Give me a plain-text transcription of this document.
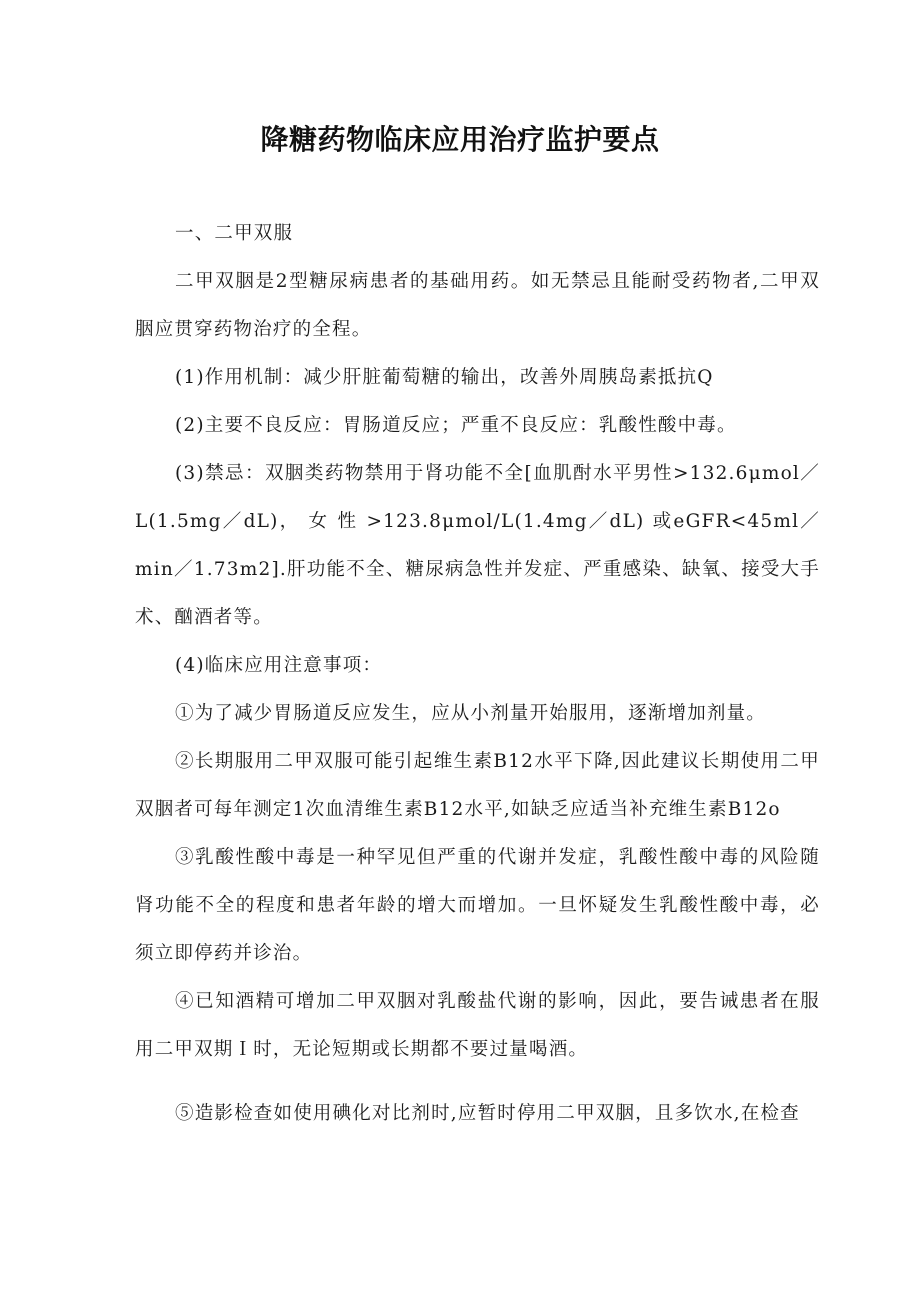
降糖药物临床应用治疗监护要点

一、二甲双服

二甲双胭是2型糖尿病患者的基础用药。如无禁忌且能耐受药物者,二甲双胭应贯穿药物治疗的全程。

(1)作用机制：减少肝脏葡萄糖的输出，改善外周胰岛素抵抗Q

(2)主要不良反应：胃肠道反应；严重不良反应：乳酸性酸中毒。

(3)禁忌：双胭类药物禁用于肾功能不全[血肌酎水平男性>132.6μmol／L(1.5mg／dL)， 女 性 >123.8μmol/L(1.4mg／dL) 或eGFR<45ml／min／1.73m2].肝功能不全、糖尿病急性并发症、严重感染、缺氧、接受大手术、酗酒者等。

(4)临床应用注意事项：

①为了减少胃肠道反应发生，应从小剂量开始服用，逐渐增加剂量。

②长期服用二甲双服可能引起维生素B12水平下降,因此建议长期使用二甲双胭者可每年测定1次血清维生素B12水平,如缺乏应适当补充维生素B12o

③乳酸性酸中毒是一种罕见但严重的代谢并发症，乳酸性酸中毒的风险随肾功能不全的程度和患者年龄的增大而增加。一旦怀疑发生乳酸性酸中毒，必须立即停药并诊治。

④已知酒精可增加二甲双胭对乳酸盐代谢的影响，因此，要告诫患者在服用二甲双期Ｉ时，无论短期或长期都不要过量喝酒。

⑤造影检查如使用碘化对比剂时,应暂时停用二甲双胭，且多饮水,在检查
